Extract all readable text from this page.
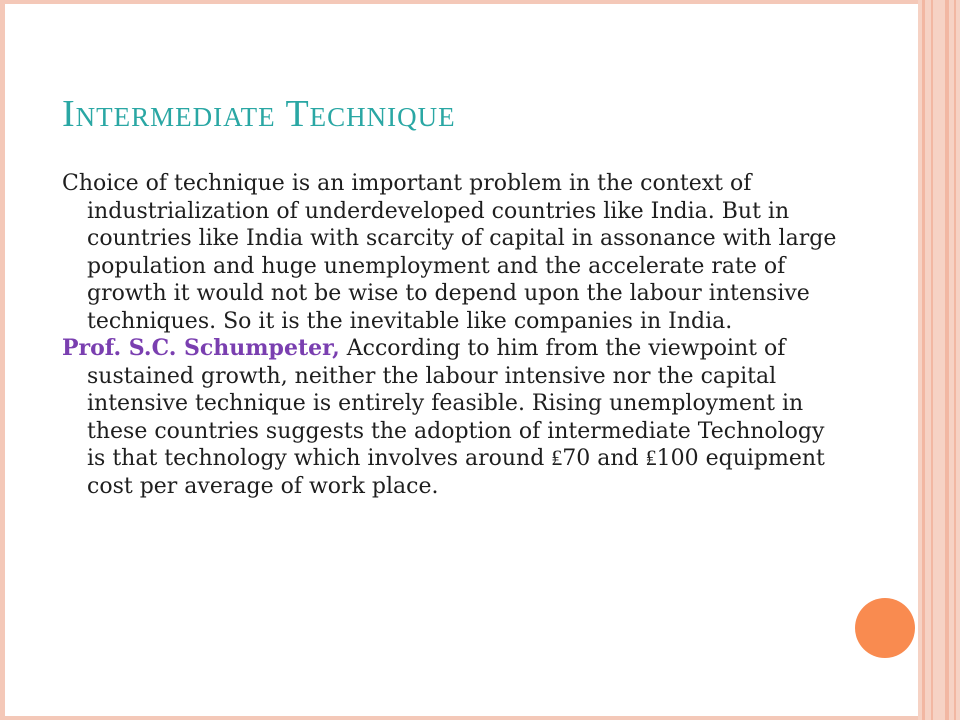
Intermediate Technique

Choice of technique is an important problem in the context of industrialization of underdeveloped countries like India. But in countries like India with scarcity of capital in assonance with large population and huge unemployment and the accelerate rate of growth it would not be wise to depend upon the labour intensive techniques. So it is the inevitable like companies in India.

Prof. S.C. Schumpeter, According to him from the viewpoint of sustained growth, neither the labour intensive nor the capital intensive technique is entirely feasible. Rising unemployment in these countries suggests the adoption of intermediate Technology is that technology which involves around ₤70 and ₤100 equipment cost per average of work place.
